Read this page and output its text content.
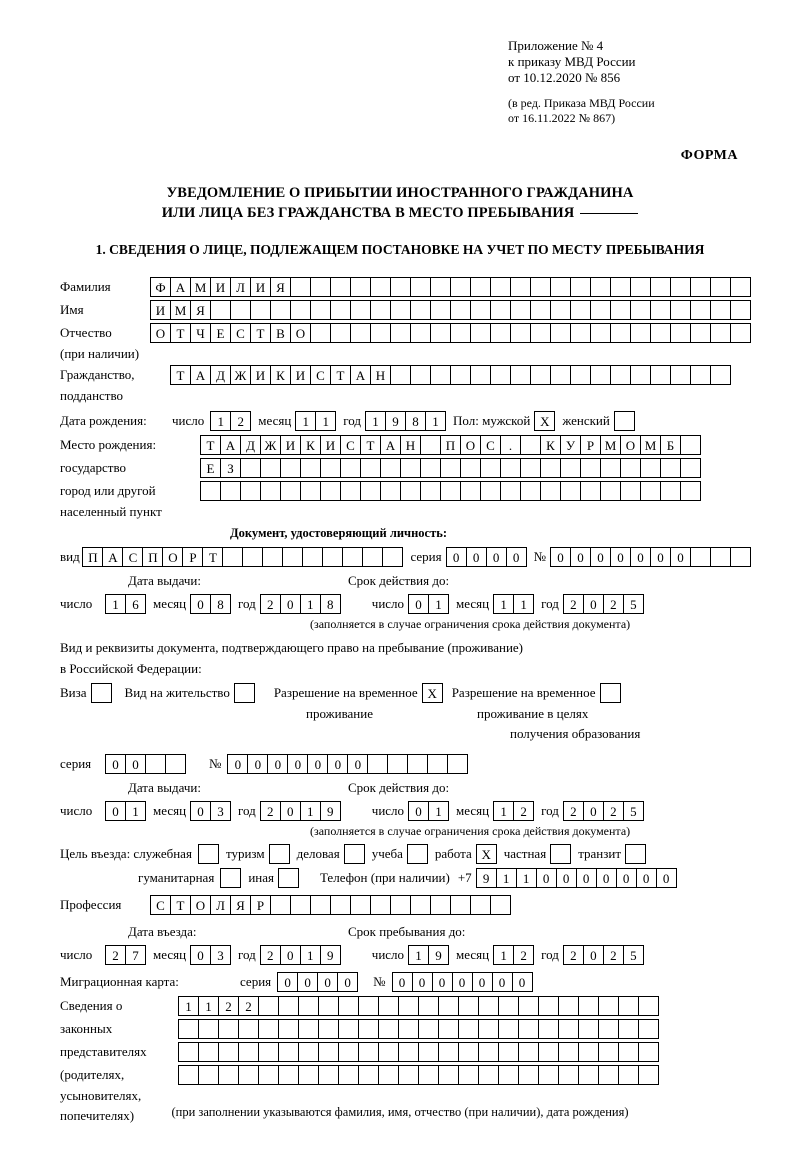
Приложение № 4
к приказу МВД России
от 10.12.2020 № 856
(в ред. Приказа МВД России
от 16.11.2022 № 867)
ФОРМА
УВЕДОМЛЕНИЕ О ПРИБЫТИИ ИНОСТРАННОГО ГРАЖДАНИНА
ИЛИ ЛИЦА БЕЗ ГРАЖДАНСТВА В МЕСТО ПРЕБЫВАНИЯ
1. СВЕДЕНИЯ О ЛИЦЕ, ПОДЛЕЖАЩЕМ ПОСТАНОВКЕ НА УЧЕТ ПО МЕСТУ ПРЕБЫВАНИЯ
Фамилия	Ф А М И Л И Я
Имя	И М Я
Отчество	О Т Ч Е С Т В О
(при наличии)
Гражданство,	Т А Д Ж И К И С Т А Н
подданство
Дата рождения:	число	1	2	месяц 1	1	год 1	9	8	1	Пол: мужской Х женский
Место рождения:	Т А Д Ж И К И С Т А Н	П О С	.	К У Р М О М Б
государство	Е З
город или другой
населенный пункт
Документ, удостоверяющий личность:
вид П А С П О Р Т	серия 0	0	0	0	№ 0	0	0	0	0	0	0
Дата выдачи:	Срок действия до:
число	1	6	месяц 0	8	год 2	0	1	8	число 0	1	месяц 1	1	год 2	0	2	5
(заполняется в случае ограничения срока действия документа)
Вид и реквизиты документа, подтверждающего право на пребывание (проживание)
в Российской Федерации:
Виза	Вид на жительство	Разрешение на временное Х	Разрешение на временное
проживание	проживание в целях
получения образования
серия	0	0	№	0	0	0	0	0	0	0
Дата выдачи:	Срок действия до:
число	0	1	месяц 0	3	год 2	0	1	9	число 0	1	месяц 1	2	год 2	0	2	5
(заполняется в случае ограничения срока действия документа)
Цель въезда: служебная	туризм деловая учеба работа Х частная транзит
гуманитарная	иная	Телефон (при наличии) +7 9	1	1	0	0	0	0	0	0	0
Профессия	С Т О Л Я Р
Дата въезда:	Срок пребывания до:
число	2	7	месяц 0	3	год 2	0	1	9	число 1	9	месяц 1	2	год 2	0	2	5
Миграционная карта:	серия	0	0	0	0	№	0	0	0	0	0	0	0
Сведения о	1	1	2	2
законных
представителях
(родителях,
усыновителях,
попечителях)	(при заполнении указываются фамилия, имя, отчество (при наличии), дата рождения)
